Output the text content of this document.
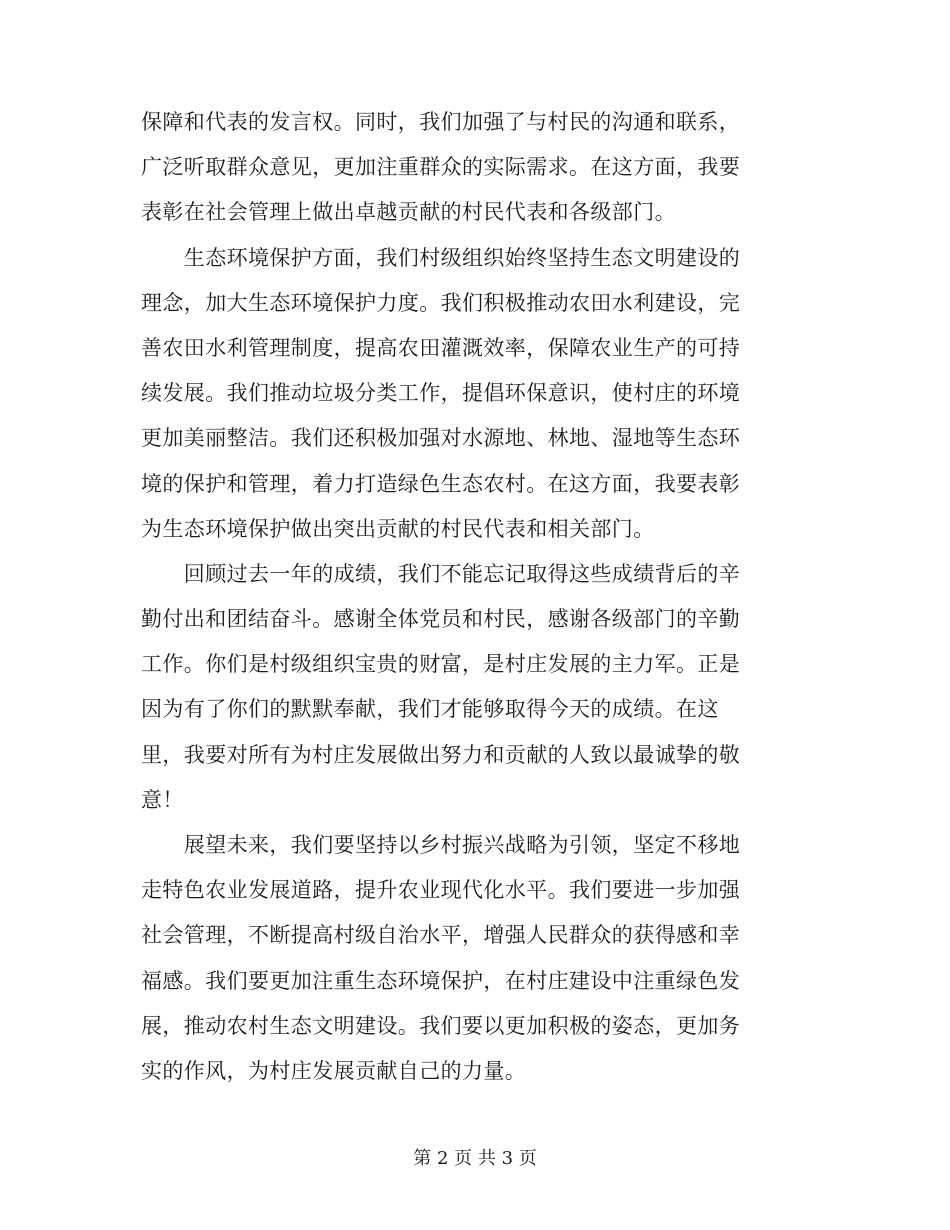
保障和代表的发言权。同时，我们加强了与村民的沟通和联系，
广泛听取群众意见，更加注重群众的实际需求。在这方面，我要
表彰在社会管理上做出卓越贡献的村民代表和各级部门。
　　生态环境保护方面，我们村级组织始终坚持生态文明建设的
理念，加大生态环境保护力度。我们积极推动农田水利建设，完
善农田水利管理制度，提高农田灌溉效率，保障农业生产的可持
续发展。我们推动垃圾分类工作，提倡环保意识，使村庄的环境
更加美丽整洁。我们还积极加强对水源地、林地、湿地等生态环
境的保护和管理，着力打造绿色生态农村。在这方面，我要表彰
为生态环境保护做出突出贡献的村民代表和相关部门。
　　回顾过去一年的成绩，我们不能忘记取得这些成绩背后的辛
勤付出和团结奋斗。感谢全体党员和村民，感谢各级部门的辛勤
工作。你们是村级组织宝贵的财富，是村庄发展的主力军。正是
因为有了你们的默默奉献，我们才能够取得今天的成绩。在这
里，我要对所有为村庄发展做出努力和贡献的人致以最诚挚的敬
意！
　　展望未来，我们要坚持以乡村振兴战略为引领，坚定不移地
走特色农业发展道路，提升农业现代化水平。我们要进一步加强
社会管理，不断提高村级自治水平，增强人民群众的获得感和幸
福感。我们要更加注重生态环境保护，在村庄建设中注重绿色发
展，推动农村生态文明建设。我们要以更加积极的姿态，更加务
实的作风，为村庄发展贡献自己的力量。
第 2 页 共 3 页
